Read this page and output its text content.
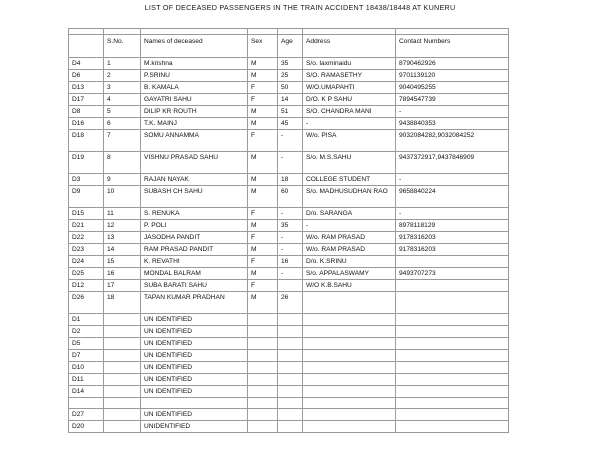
LIST OF DECEASED PASSENGERS IN THE TRAIN ACCIDENT 18438/18448 AT KUNERU

	S.No.	Names of deceased	Sex	Age	Address	Contact Numbers
D4	1	M.krishna	M	35	S/o. laxminaidu	8790462926
D6	2	P.SRINU	M	25	S/O. RAMASETHY	9701139120
D13	3	B. KAMALA	F	50	W/O.UMAPAHTI	9040495255
D17	4	GAYATRI SAHU	F	14	D/O. K P SAHU	7894547739
D8	5	DILIP KR ROUTH	M	51	S/O. CHANDRA MANI	-
D16	6	T.K. MAINJ	M	45	-	9438840353
D18	7	SOMU ANNAMMA	F	-	W/o. PISA	9032084282,9032084252
D19	8	VISHNU PRASAD SAHU	M	-	S/o. M.S.SAHU	9437372917,9437846909
D3	9	RAJAN NAYAK	M	18	COLLEGE STUDENT	-
D9	10	SUBASH CH SAHU	M	60	S/o. MADHUSUDHAN RAO	9658840224
D15	11	S. RENUKA	F	-	D/o. SARANGA	-
D21	12	P. POLI	M	35	-	8978118129
D22	13	JASODHA PANDIT	F	-	W/o. RAM PRASAD	9178316203
D23	14	RAM PRASAD PANDIT	M	-	W/o. RAM PRASAD	9178316203
D24	15	K. REVATHI	F	16	D/o. K.SRINU	
D25	16	MONDAL BALRAM	M	-	S/o. APPALASWAMY	9493707273
D12	17	SUBA BARATI SAHU	F		W/O K.B.SAHU	
D26	18	TAPAN KUMAR PRADHAN	M	26		
D1		UN IDENTIFIED				
D2		UN IDENTIFIED				
D5		UN IDENTIFIED				
D7		UN IDENTIFIED				
D10		UN IDENTIFIED				
D11		UN IDENTIFIED				
D14		UN IDENTIFIED				

D27		UN IDENTIFIED				
D20		UNIDENTIFIED				
